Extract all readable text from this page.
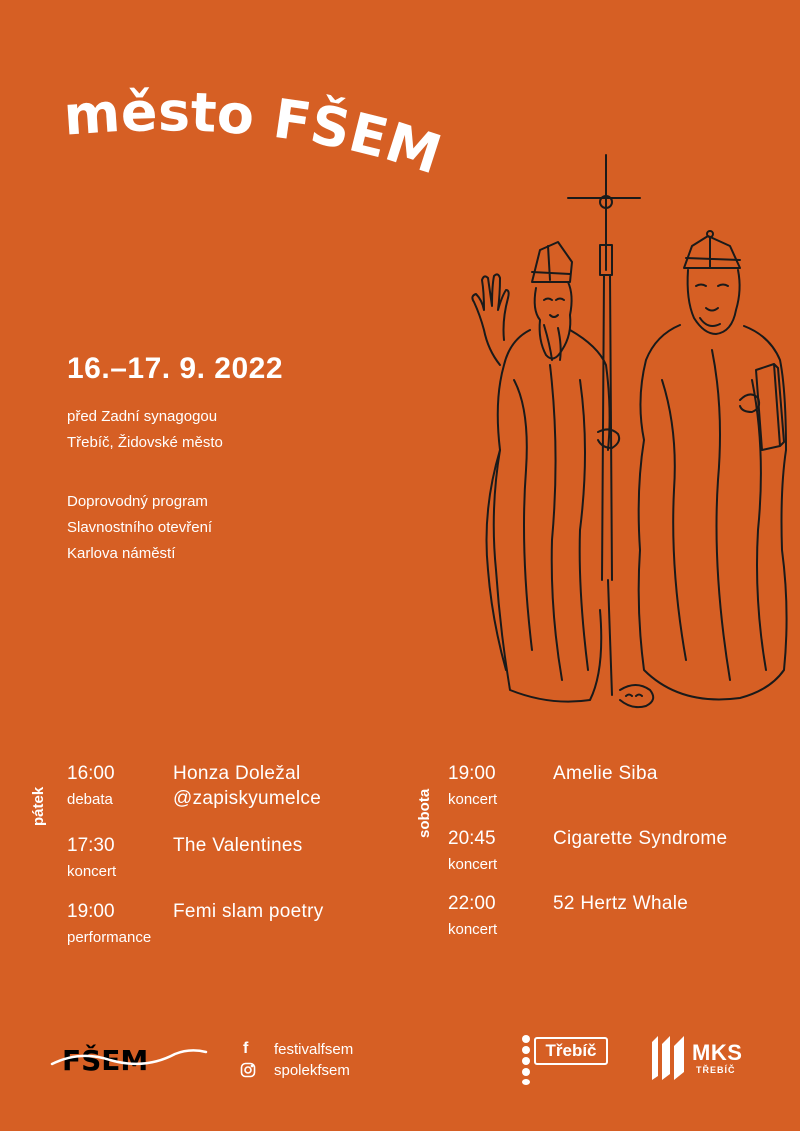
město FŠEM
16.–17. 9. 2022
před Zadní synagogou
Třebíč, Židovské město
Doprovodný program
Slavnostního otevření
Karlova náměstí
pátek
16:00
debata
Honza Doležal
@zapiskyumelce
17:30
koncert
The Valentines
19:00
performance
Femi slam poetry
sobota
19:00
koncert
Amelie Siba
20:45
koncert
Cigarette Syndrome
22:00
koncert
52 Hertz Whale
FŠEM	f festivalfsem
spolekfsem
Třebíč	MKS
TŘEBÍČ
